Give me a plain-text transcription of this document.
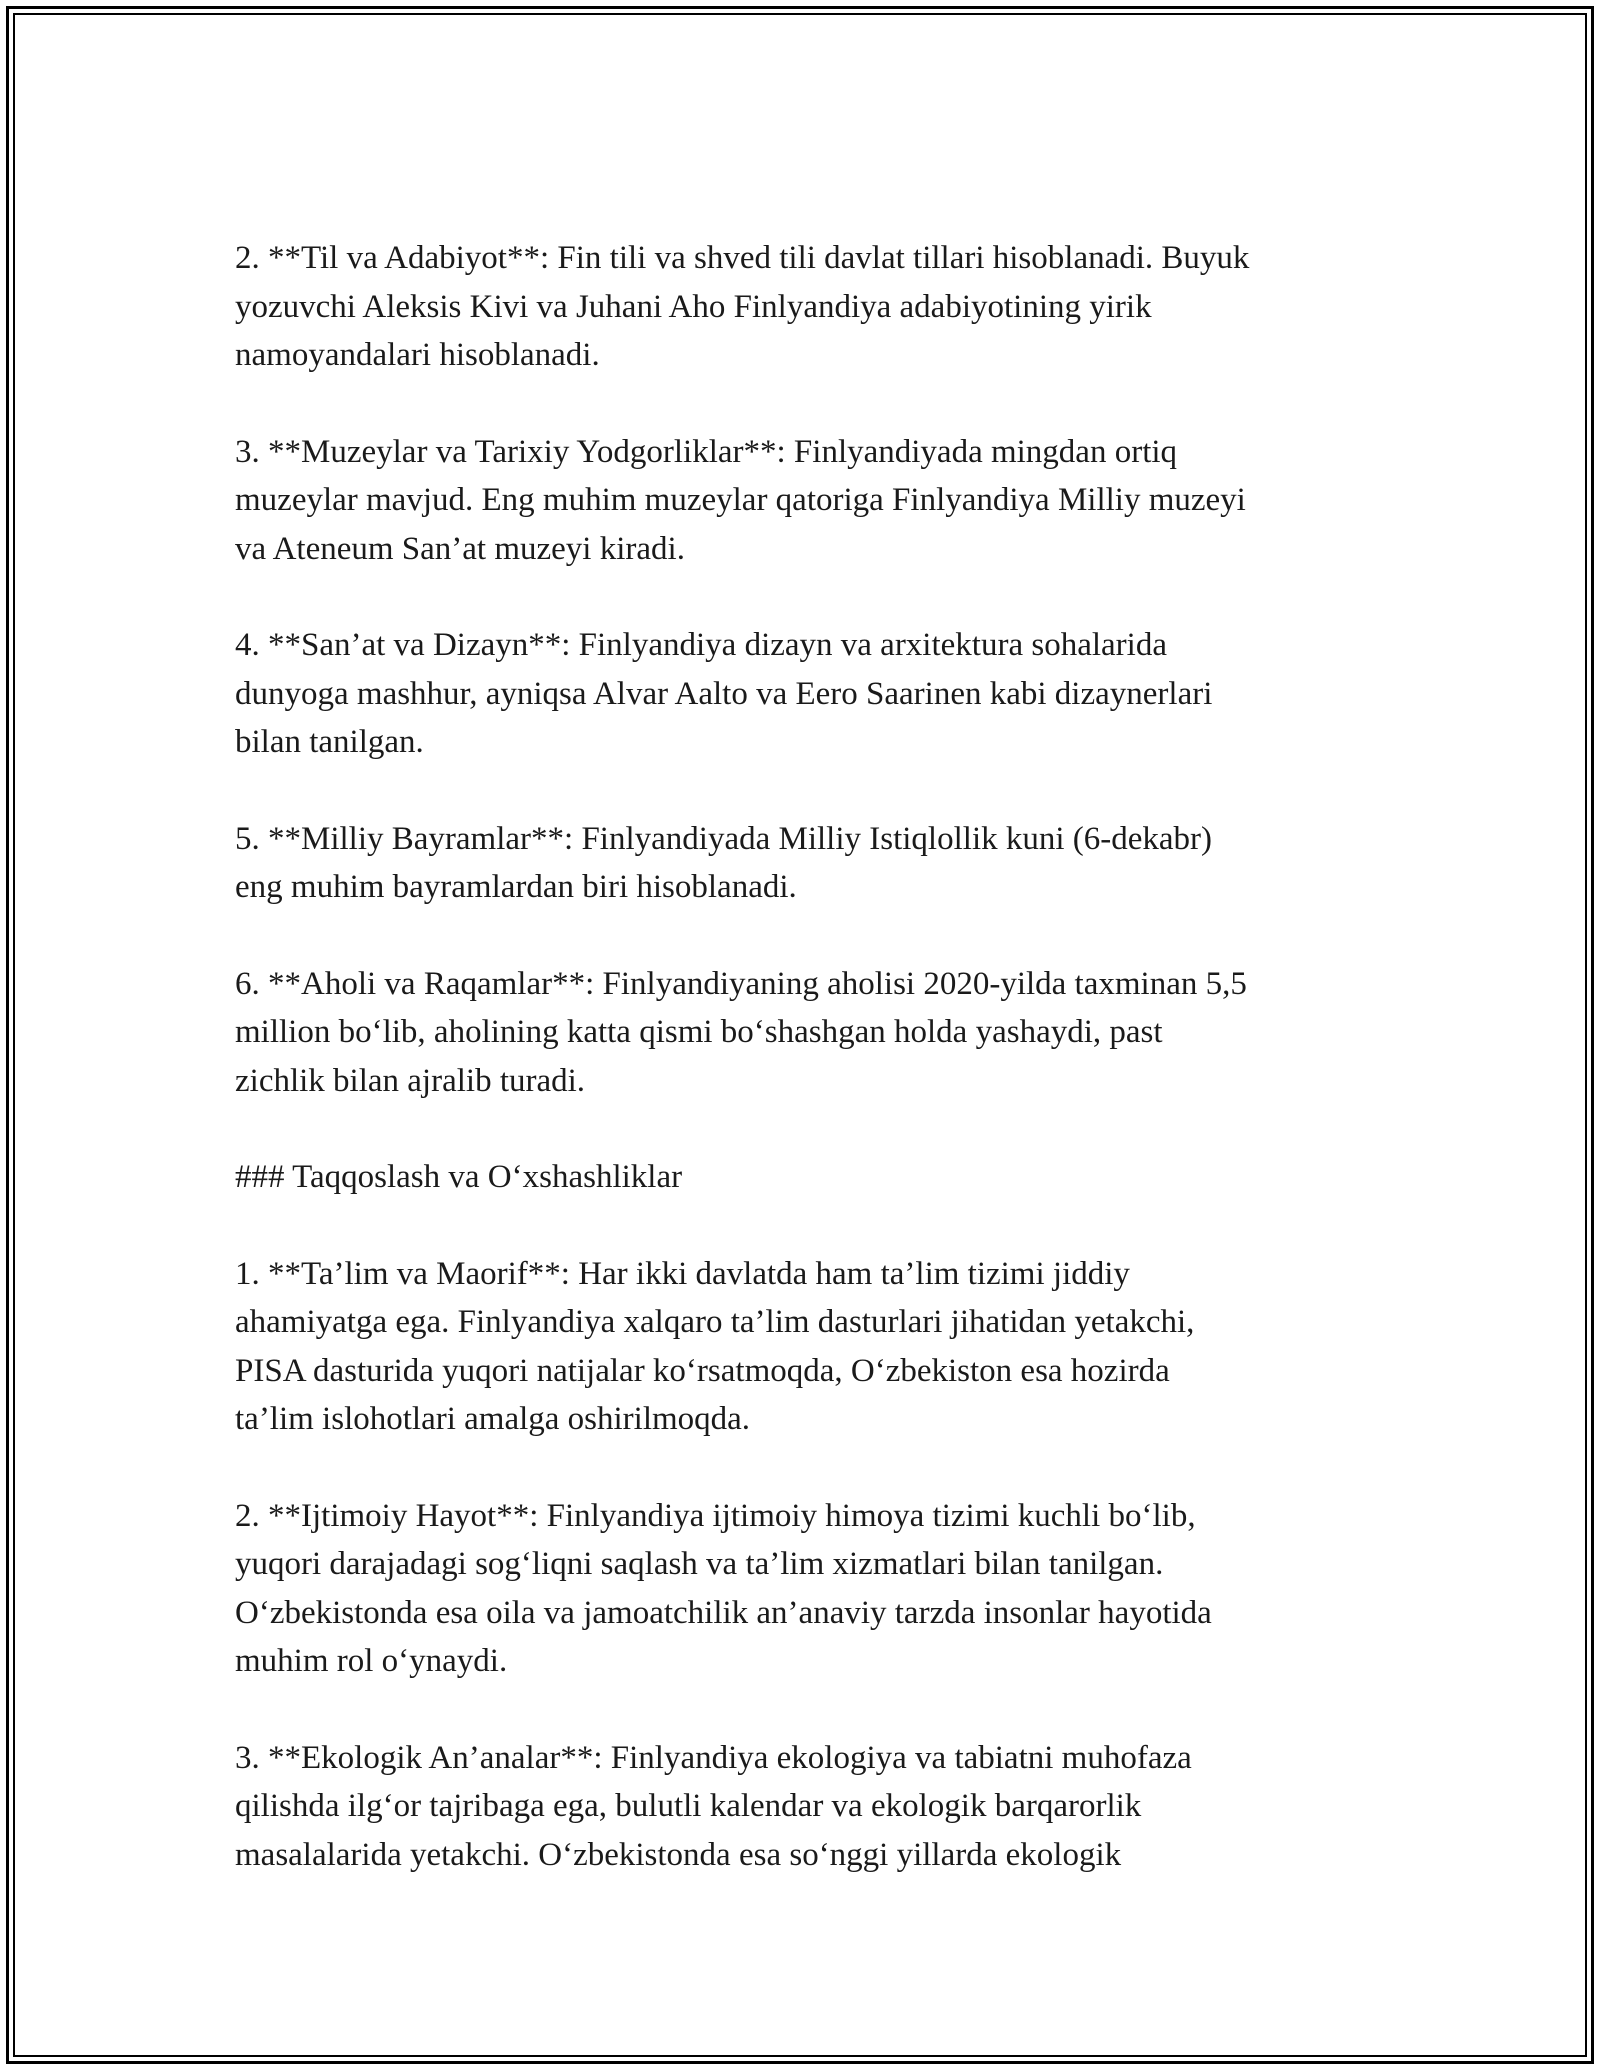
2. **Til va Adabiyot**: Fin tili va shved tili davlat tillari hisoblanadi. Buyuk
yozuvchi Aleksis Kivi va Juhani Aho Finlyandiya adabiyotining yirik
namoyandalari hisoblanadi.

3. **Muzeylar va Tarixiy Yodgorliklar**: Finlyandiyada mingdan ortiq
muzeylar mavjud. Eng muhim muzeylar qatoriga Finlyandiya Milliy muzeyi
va Ateneum San’at muzeyi kiradi.

4. **San’at va Dizayn**: Finlyandiya dizayn va arxitektura sohalarida
dunyoga mashhur, ayniqsa Alvar Aalto va Eero Saarinen kabi dizaynerlari
bilan tanilgan.

5. **Milliy Bayramlar**: Finlyandiyada Milliy Istiqlollik kuni (6-dekabr)
eng muhim bayramlardan biri hisoblanadi.

6. **Aholi va Raqamlar**: Finlyandiyaning aholisi 2020-yilda taxminan 5,5
million bo‘lib, aholining katta qismi bo‘shashgan holda yashaydi, past
zichlik bilan ajralib turadi.

### Taqqoslash va O‘xshashliklar

1. **Ta’lim va Maorif**: Har ikki davlatda ham ta’lim tizimi jiddiy
ahamiyatga ega. Finlyandiya xalqaro ta’lim dasturlari jihatidan yetakchi,
PISA dasturida yuqori natijalar ko‘rsatmoqda, O‘zbekiston esa hozirda
ta’lim islohotlari amalga oshirilmoqda.

2. **Ijtimoiy Hayot**: Finlyandiya ijtimoiy himoya tizimi kuchli bo‘lib,
yuqori darajadagi sog‘liqni saqlash va ta’lim xizmatlari bilan tanilgan.
O‘zbekistonda esa oila va jamoatchilik an’anaviy tarzda insonlar hayotida
muhim rol o‘ynaydi.

3. **Ekologik An’analar**: Finlyandiya ekologiya va tabiatni muhofaza
qilishda ilg‘or tajribaga ega, bulutli kalendar va ekologik barqarorlik
masalalarida yetakchi. O‘zbekistonda esa so‘nggi yillarda ekologik
